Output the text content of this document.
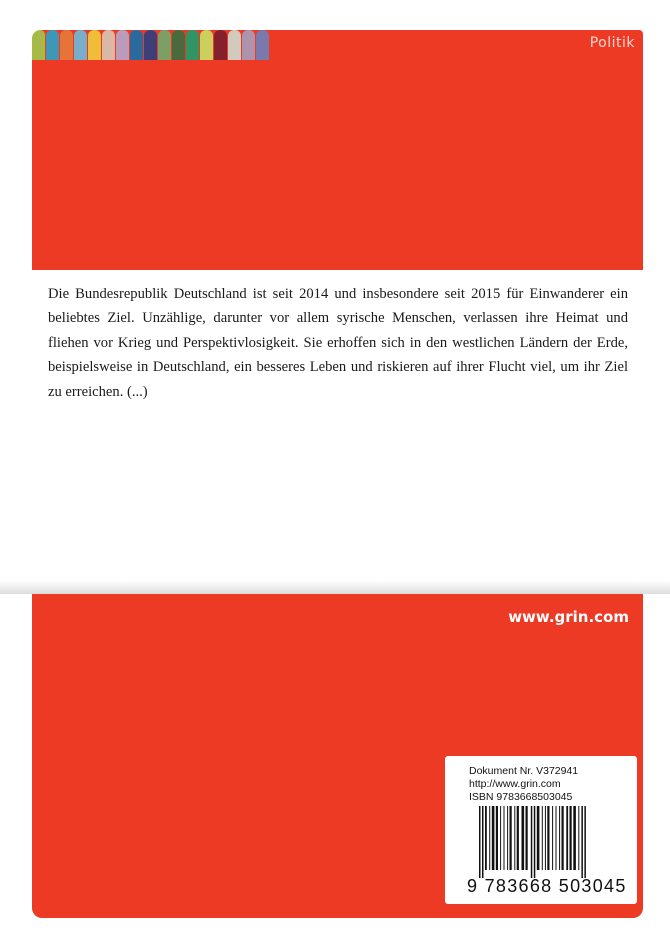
Politik

Die Bundesrepublik Deutschland ist seit 2014 und insbesondere seit 2015 für Einwanderer ein beliebtes Ziel. Unzählige, darunter vor allem syrische Menschen, verlassen ihre Heimat und fliehen vor Krieg und Perspektivlosigkeit. Sie erhoffen sich in den westlichen Ländern der Erde, beispielsweise in Deutschland, ein besseres Leben und riskieren auf ihrer Flucht viel, um ihr Ziel zu erreichen. (...)

www.grin.com
Dokument Nr. V372941
http://www.grin.com
ISBN 9783668503045
9 783668 503045
